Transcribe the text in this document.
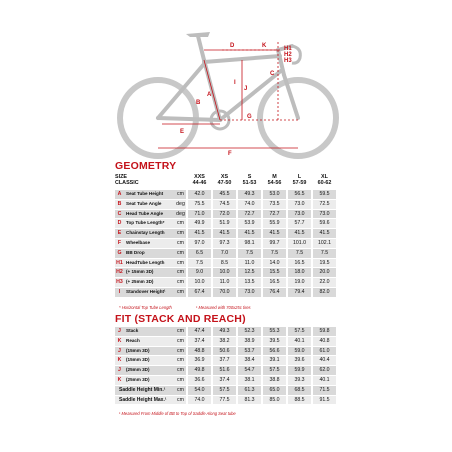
A
B
C
D
E
F
G
H1
H2
H3
I
J
K
GEOMETRY
SIZE
CLASSIC
XXS	XS	S	M	L	XL
44-46	47-50	51-53	54-56	57-59	60-62
A	Seat Tube Height	cm		42.0		45.5		49.3		53.0		56.5		59.5
B	Seat Tube Angle	deg		75.5		74.5		74.0		73.5		73.0		72.5
C	Head Tube Angle	deg		71.0		72.0		72.7		72.7		73.0		73.0
D	Top Tube Length*	cm		49.9		51.9		53.9		55.9		57.7		59.6
E	Chainstay Length	cm		41.5		41.5		41.5		41.5		41.5		41.5
F	Wheelbase	cm		97.0		97.3		98.1		99.7		101.0		102.1
G	BB Drop	cm		6.5		7.0		7.5		7.5		7.5		7.5
H1	HeadTube Length	cm		7.5		8.5		11.0		14.0		16.5		19.5
H2	(+ 15mm 3D)	cm		9.0		10.0		12.5		15.5		18.0		20.0
H3	(+ 25mm 3D)	cm		10.0		11.0		13.5		16.5		19.0		22.0
I	Standover Height¹	cm		67.4		70.0		73.0		76.4		79.4		82.0
* Horizontal Top Tube Length	¹ Measured with 700x25c tires
FIT (STACK AND REACH)
J	Stack	cm		47.4		49.3		52.3		55.3		57.5		59.8
K	Reach	cm		37.4		38.2		38.9		39.5		40.1		40.8
J	(15mm 3D)	cm		48.8		50.6		53.7		56.6		59.0		61.0
K	(15mm 3D)	cm		36.9		37.7		38.4		39.1		39.6		40.4
J	(25mm 3D)	cm		49.8		51.6		54.7		57.5		59.9		62.0
K	(25mm 3D)	cm		36.6		37.4		38.1		38.8		39.3		40.1
Saddle Height Min.¹		cm		54.0		57.5		61.3		65.0		68.5		71.5
Saddle Height Max.¹		cm		74.0		77.5		81.3		85.0		88.5		91.5
¹ Measured From Middle of BB to Top of Saddle Along Seat tube
